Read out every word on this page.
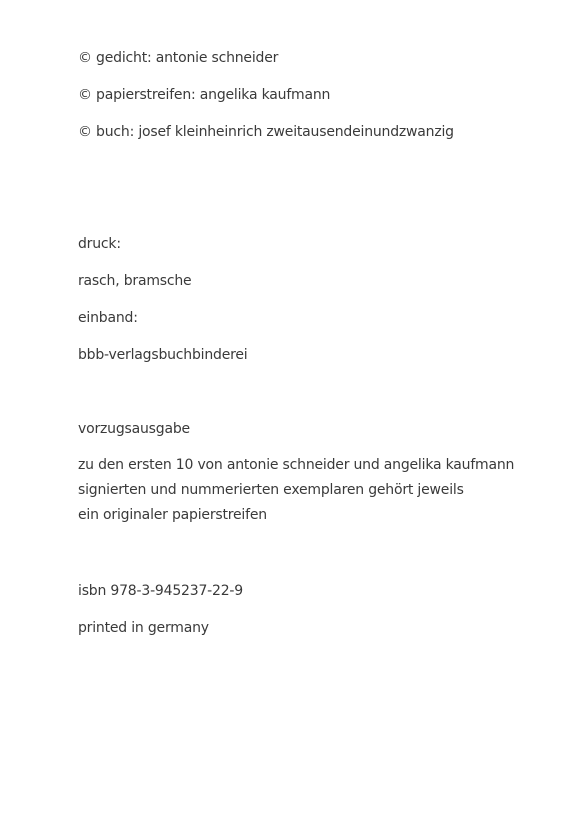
© gedicht: antonie schneider
© papierstreifen: angelika kaufmann
© buch: josef kleinheinrich zweitausendeinundzwanzig
druck:
rasch, bramsche
einband:
bbb-verlagsbuchbinderei
vorzugsausgabe
zu den ersten 10 von antonie schneider und angelika kaufmann
signierten und nummerierten exemplaren gehört jeweils
ein originaler papierstreifen
isbn 978-3-945237-22-9
printed in germany
